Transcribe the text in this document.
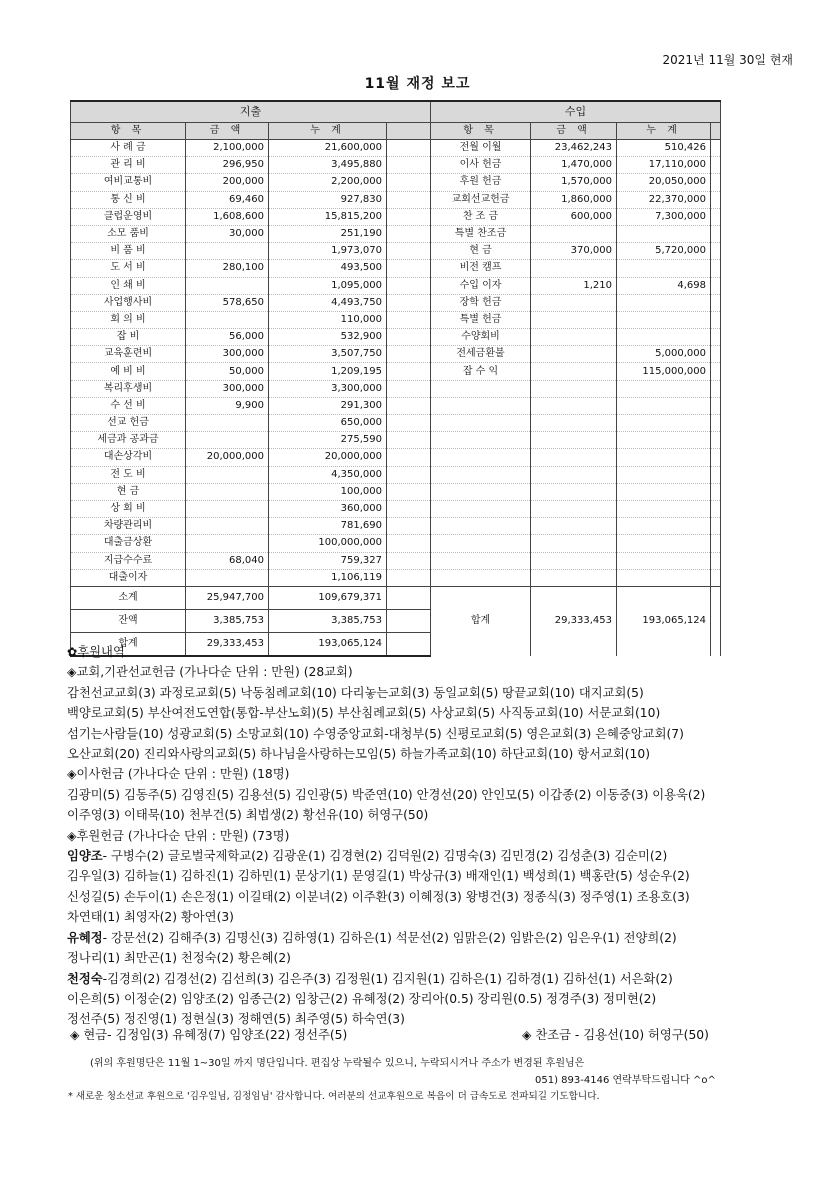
2021년 11월 30일 현재
11월 재정 보고
지출				수입			
항 목	금 액	누 계		항 목	금 액	누 계	
사 례 금	2,100,000	21,600,000		전월 이월	23,462,243	510,426	
관 리 비	296,950	3,495,880		이사 헌금	1,470,000	17,110,000	
여비교통비	200,000	2,200,000		후원 헌금	1,570,000	20,050,000	
통 신 비	69,460	927,830		교회선교헌금	1,860,000	22,370,000	
클럽운영비	1,608,600	15,815,200		찬 조 금	600,000	7,300,000	
소모 품비	30,000	251,190		특별 찬조금			
비 품 비		1,973,070		현 금	370,000	5,720,000	
도 서 비	280,100	493,500		비전 캠프			
인 쇄 비		1,095,000		수입 이자	1,210	4,698	
사업행사비	578,650	4,493,750		장학 헌금			
회 의 비		110,000		특별 헌금			
잡 비	56,000	532,900		수양회비			
교육훈련비	300,000	3,507,750		전세금환불		5,000,000	
예 비 비	50,000	1,209,195		잡 수 익		115,000,000	
복리후생비	300,000	3,300,000					
수 선 비	9,900	291,300					
선교 헌금		650,000					
세금과 공과금		275,590					
대손상각비	20,000,000	20,000,000					
전 도 비		4,350,000					
현 금		100,000					
상 회 비		360,000					
차량관리비		781,690					
대출금상환		100,000,000					
지급수수료	68,040	759,327					
대출이자		1,106,119					
소계	25,947,700	109,679,371		합계	29,333,453	193,065,124	
잔액	3,385,753	3,385,753					
합계	29,333,453	193,065,124					

✿후원내역

◈교회,기관선교헌금 (가나다순 단위 : 만원) (28교회)

감천선교교회(3) 과정로교회(5) 낙동침례교회(10) 다리놓는교회(3) 동일교회(5) 땅끝교회(10) 대지교회(5)

백양로교회(5) 부산여전도연합(통합-부산노회)(5) 부산침례교회(5) 사상교회(5) 사직동교회(10) 서문교회(10)

섬기는사람들(10) 성광교회(5) 소망교회(10) 수영중앙교회-대청부(5) 신평로교회(5) 영은교회(3) 은혜중앙교회(7)

오산교회(20) 진리와사랑의교회(5) 하나님을사랑하는모임(5) 하늘가족교회(10) 하단교회(10) 항서교회(10)

◈이사헌금 (가나다순 단위 : 만원) (18명)

김광미(5) 김동주(5) 김영진(5) 김용선(5) 김인광(5) 박준연(10) 안경선(20) 안인모(5) 이갑종(2) 이동중(3) 이용욱(2)

이주영(3) 이태묵(10) 천부건(5) 최법생(2) 황선유(10) 허영구(50)

◈후원헌금 (가나다순 단위 : 만원) (73명)

임양조- 구병수(2) 글로벌국제학교(2) 김광운(1) 김경현(2) 김덕원(2) 김명숙(3) 김민경(2) 김성춘(3) 김순미(2)

김우일(3) 김하늘(1) 김하진(1) 김하민(1) 문상기(1) 문영길(1) 박상규(3) 배재인(1) 백성희(1) 백홍란(5) 성순우(2)

신성길(5) 손두이(1) 손은정(1) 이길태(2) 이분녀(2) 이주환(3) 이혜정(3) 왕병건(3) 정종식(3) 정주영(1) 조용호(3)

차연태(1) 최영자(2) 황아연(3)

유혜정- 강문선(2) 김해주(3) 김명신(3) 김하영(1) 김하은(1) 석문선(2) 임맑은(2) 임밝은(2) 임은우(1) 전양희(2)

정나리(1) 최만곤(1) 천정숙(2) 황은혜(2)

천정숙-김경희(2) 김경선(2) 김선희(3) 김은주(3) 김정원(1) 김지원(1) 김하은(1) 김하경(1) 김하선(1) 서은화(2)

이은희(5) 이정순(2) 임양조(2) 임종근(2) 임창근(2) 유혜정(2) 장리아(0.5) 장리원(0.5) 정경주(3) 정미현(2)

정선주(5) 정진영(1) 정현실(3) 정해연(5) 최주영(5) 하숙연(3)

◈ 현금- 김정임(3) 유혜정(7) 임양조(22) 정선주(5)	◈ 찬조금 - 김용선(10) 허영구(50)
(위의 후원명단은 11월 1~30일 까지 명단입니다. 편집상 누락될수 있으니, 누락되시거나 주소가 변경된 후원님은
051) 893-4146 연락부탁드립니다 ^o^
* 새로운 청소선교 후원으로 '김우일님, 김정임님' 감사합니다. 여러분의 선교후원으로 복음이 더 급속도로 전파되길 기도합니다.
